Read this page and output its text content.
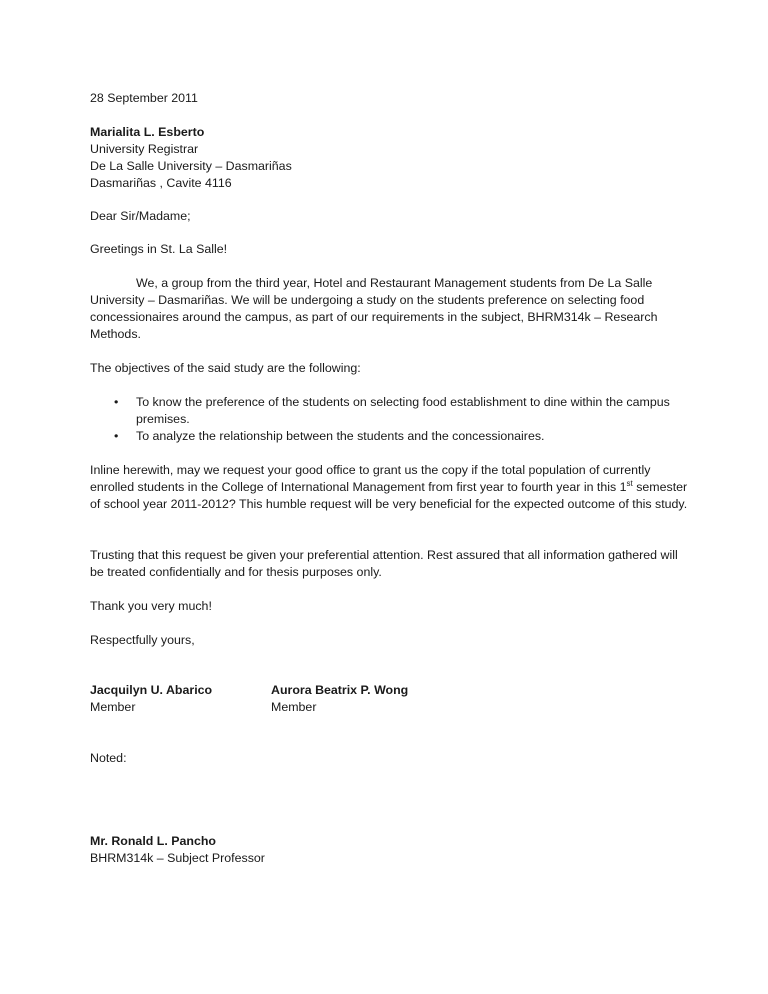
28 September 2011
Marialita L. Esberto
University Registrar
De La Salle University – Dasmariñas
Dasmariñas , Cavite 4116
Dear Sir/Madame;
Greetings in St. La Salle!
We, a group from the third year, Hotel and Restaurant Management students from De La Salle University – Dasmariñas. We will be undergoing a study on the students preference on selecting food concessionaires around the campus, as part of our requirements in the subject, BHRM314k – Research Methods.
The objectives of the said study are the following:
• To know the preference of the students on selecting food establishment to dine within the campus premises.
• To analyze the relationship between the students and the concessionaires.
Inline herewith, may we request your good office to grant us the copy if the total population of currently enrolled students in the College of International Management from first year to fourth year in this 1st semester of school year 2011-2012? This humble request will be very beneficial for the expected outcome of this study.
Trusting that this request be given your preferential attention. Rest assured that all information gathered will be treated confidentially and for thesis purposes only.
Thank you very much!
Respectfully yours,
Jacquilyn U. Abarico
Member
Aurora Beatrix P. Wong
Member
Noted:
Mr. Ronald L. Pancho
BHRM314k – Subject Professor
